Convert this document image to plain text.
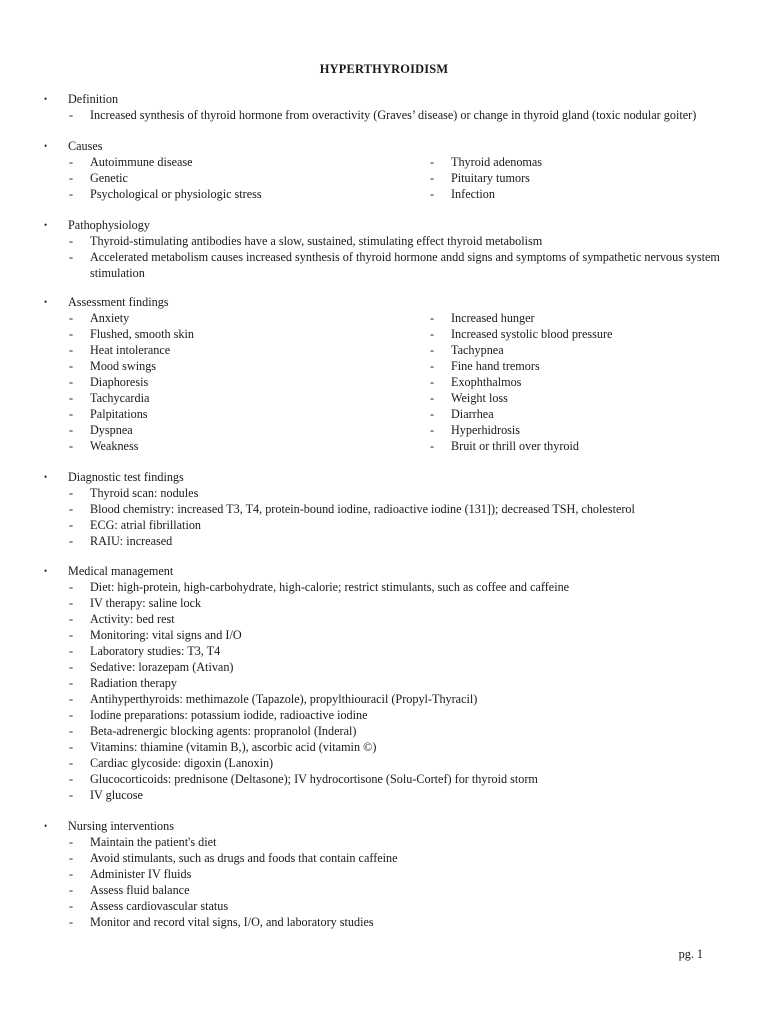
HYPERTHYROIDISM
• Definition
- Increased synthesis of thyroid hormone from overactivity (Graves’ disease) or change in thyroid gland (toxic nodular goiter)
• Causes
- Autoimmune disease
- Genetic
- Psychological or physiologic stress
- Thyroid adenomas
- Pituitary tumors
- Infection
• Pathophysiology
- Thyroid-stimulating antibodies have a slow, sustained, stimulating effect thyroid metabolism
- Accelerated metabolism causes increased synthesis of thyroid hormone andd signs and symptoms of sympathetic nervous system stimulation
• Assessment findings
- Anxiety
- Flushed, smooth skin
- Heat intolerance
- Mood swings
- Diaphoresis
- Tachycardia
- Palpitations
- Dyspnea
- Weakness
- Increased hunger
- Increased systolic blood pressure
- Tachypnea
- Fine hand tremors
- Exophthalmos
- Weight loss
- Diarrhea
- Hyperhidrosis
- Bruit or thrill over thyroid
• Diagnostic test findings
- Thyroid scan: nodules
- Blood chemistry: increased T3, T4, protein-bound iodine, radioactive iodine (131]); decreased TSH, cholesterol
- ECG: atrial fibrillation
- RAIU: increased
• Medical management
- Diet: high-protein, high-carbohydrate, high-calorie; restrict stimulants, such as coffee and caffeine
- IV therapy: saline lock
- Activity: bed rest
- Monitoring: vital signs and I/O
- Laboratory studies: T3, T4
- Sedative: lorazepam (Ativan)
- Radiation therapy
- Antihyperthyroids: methimazole (Tapazole), propylthiouracil (Propyl-Thyracil)
- Iodine preparations: potassium iodide, radioactive iodine
- Beta-adrenergic blocking agents: propranolol (Inderal)
- Vitamins: thiamine (vitamin B,), ascorbic acid (vitamin ©)
- Cardiac glycoside: digoxin (Lanoxin)
- Glucocorticoids: prednisone (Deltasone); IV hydrocortisone (Solu-Cortef) for thyroid storm
- IV glucose
• Nursing interventions
- Maintain the patient's diet
- Avoid stimulants, such as drugs and foods that contain caffeine
- Administer IV fluids
- Assess fluid balance
- Assess cardiovascular status
- Monitor and record vital signs, I/O, and laboratory studies
pg. 1
